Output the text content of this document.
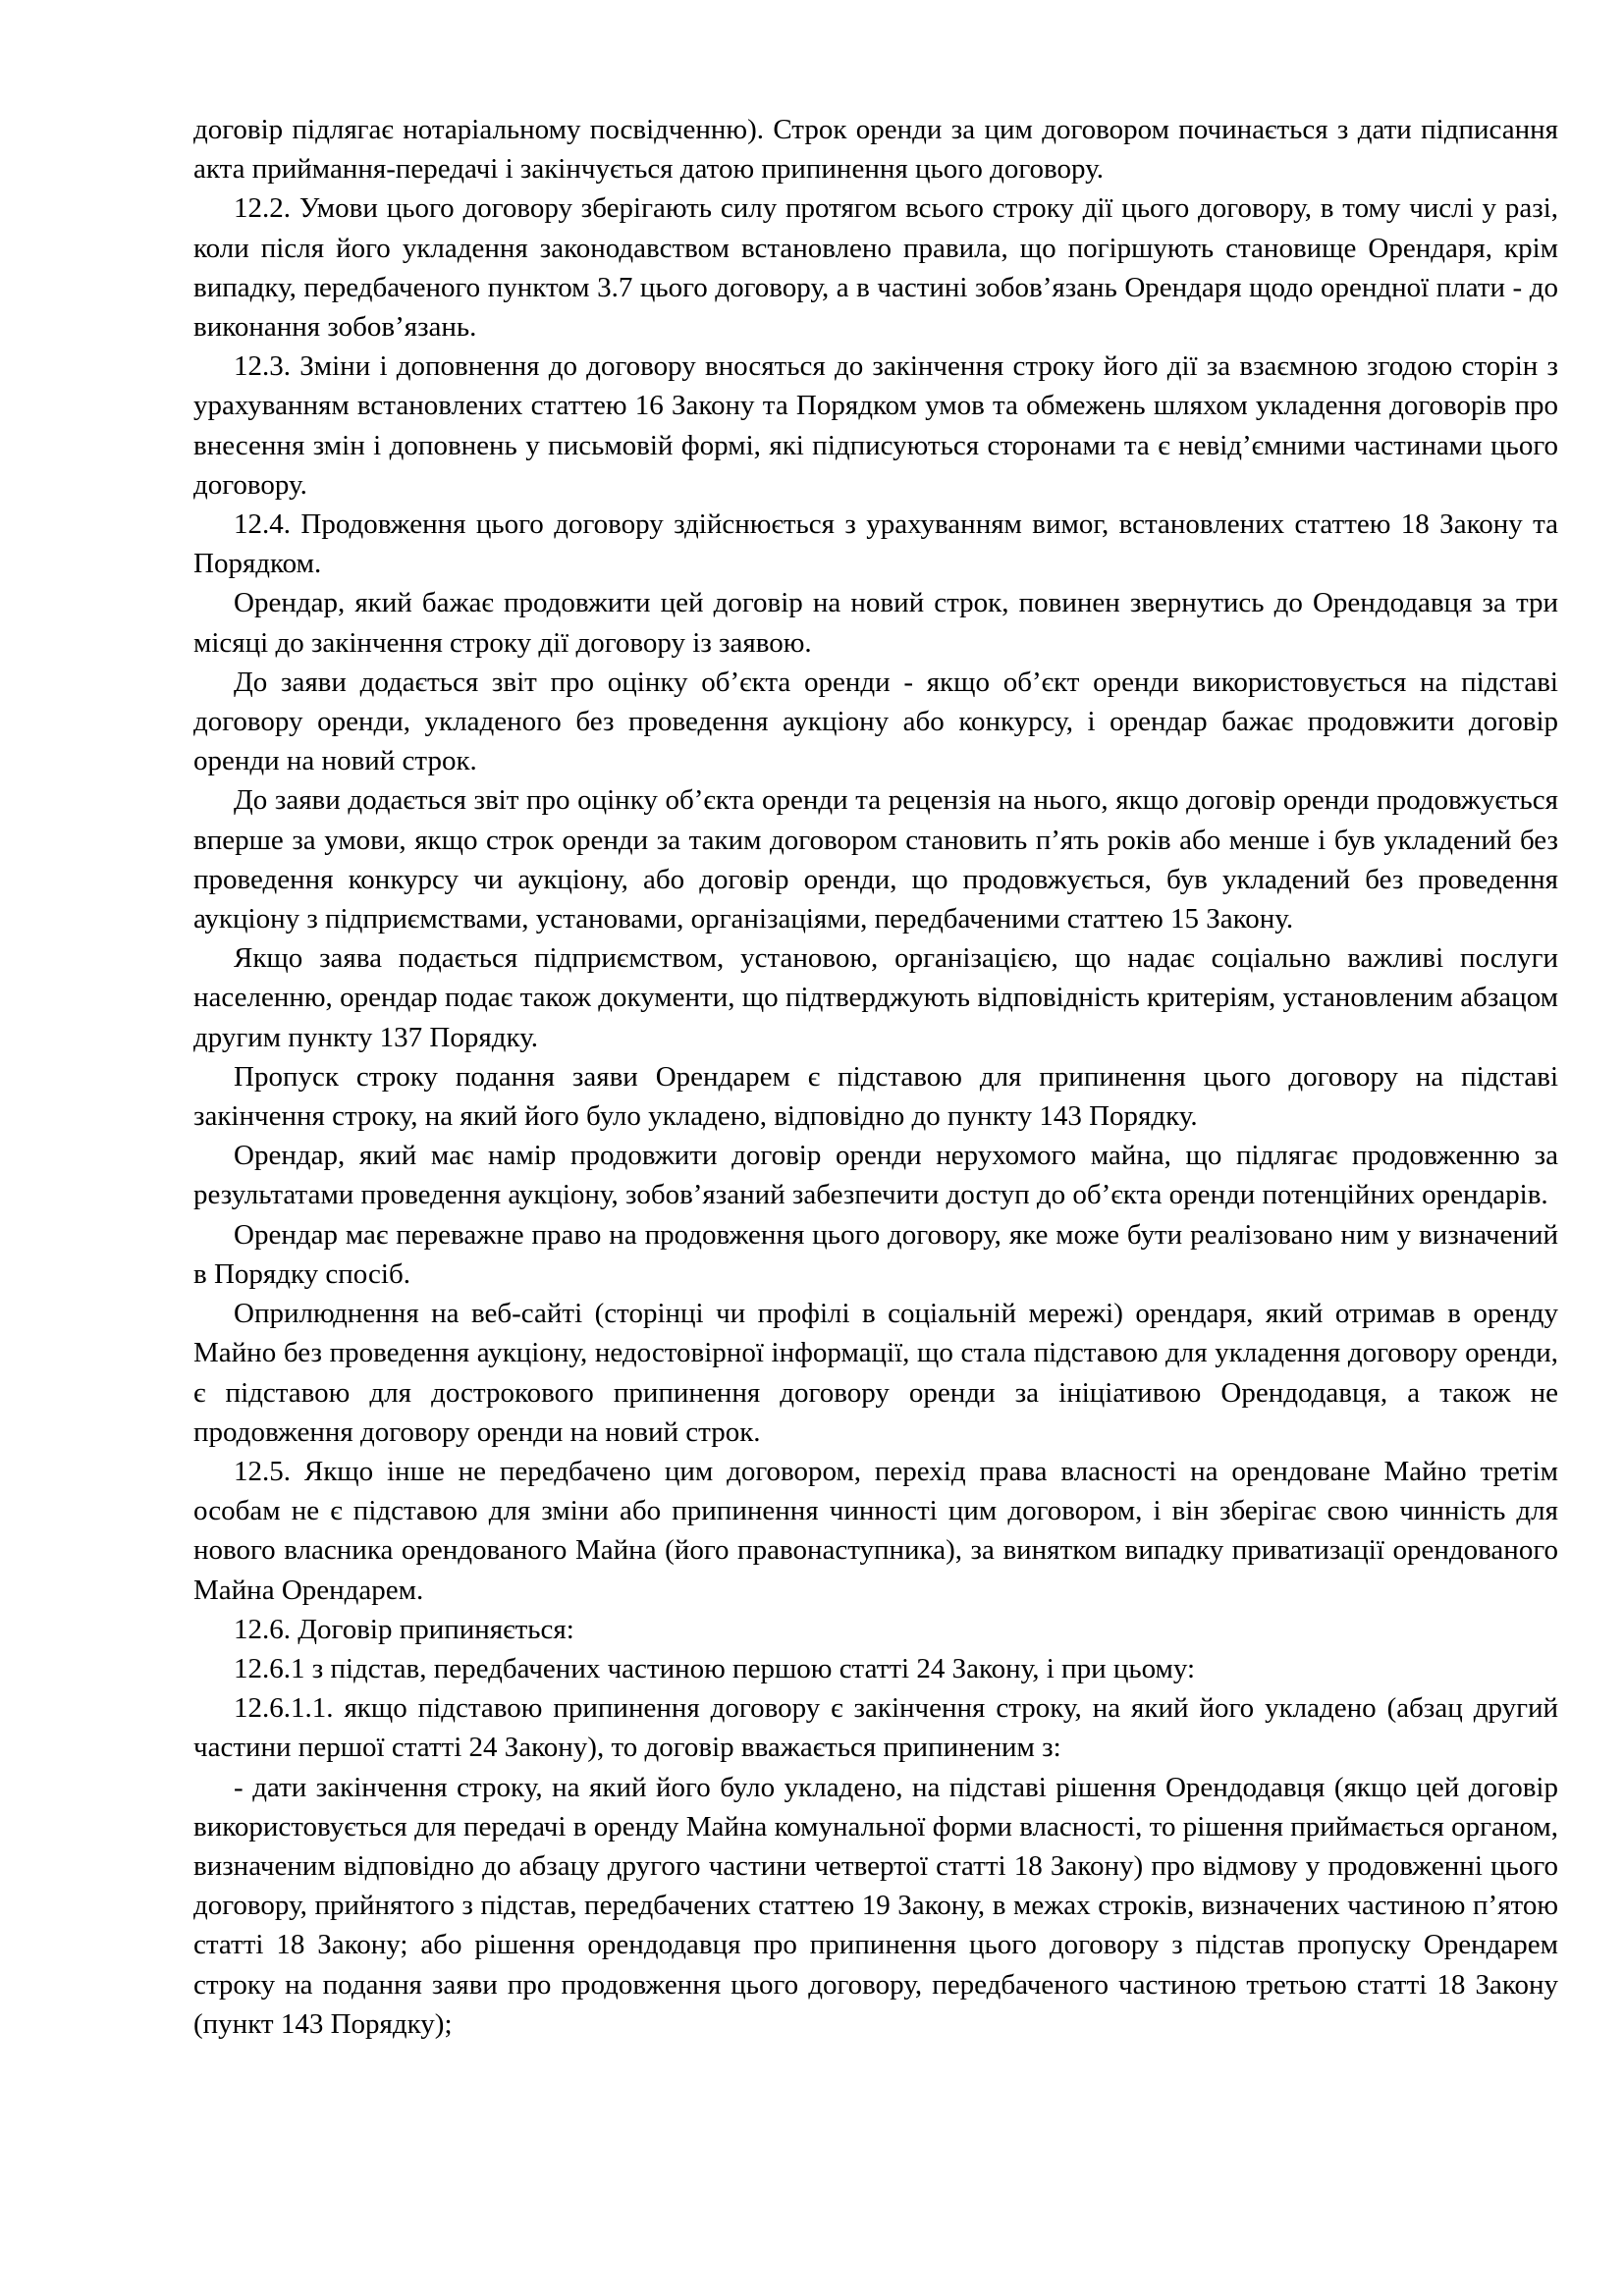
договір підлягає нотаріальному посвідченню). Строк оренди за цим договором починається з дати підписання акта приймання-передачі і закінчується датою припинення цього договору.

12.2. Умови цього договору зберігають силу протягом всього строку дії цього договору, в тому числі у разі, коли після його укладення законодавством встановлено правила, що погіршують становище Орендаря, крім випадку, передбаченого пунктом 3.7 цього договору, а в частині зобов’язань Орендаря щодо орендної плати - до виконання зобов’язань.

12.3. Зміни і доповнення до договору вносяться до закінчення строку його дії за взаємною згодою сторін з урахуванням встановлених статтею 16 Закону та Порядком умов та обмежень шляхом укладення договорів про внесення змін і доповнень у письмовій формі, які підписуються сторонами та є невід’ємними частинами цього договору.

12.4. Продовження цього договору здійснюється з урахуванням вимог, встановлених статтею 18 Закону та Порядком.

Орендар, який бажає продовжити цей договір на новий строк, повинен звернутись до Орендодавця за три місяці до закінчення строку дії договору із заявою.

До заяви додається звіт про оцінку об’єкта оренди - якщо об’єкт оренди використовується на підставі договору оренди, укладеного без проведення аукціону або конкурсу, і орендар бажає продовжити договір оренди на новий строк.

До заяви додається звіт про оцінку об’єкта оренди та рецензія на нього, якщо договір оренди продовжується вперше за умови, якщо строк оренди за таким договором становить п’ять років або менше і був укладений без проведення конкурсу чи аукціону, або договір оренди, що продовжується, був укладений без проведення аукціону з підприємствами, установами, організаціями, передбаченими статтею 15 Закону.

Якщо заява подається підприємством, установою, організацією, що надає соціально важливі послуги населенню, орендар подає також документи, що підтверджують відповідність критеріям, установленим абзацом другим пункту 137 Порядку.

Пропуск строку подання заяви Орендарем є підставою для припинення цього договору на підставі закінчення строку, на який його було укладено, відповідно до пункту 143 Порядку.

Орендар, який має намір продовжити договір оренди нерухомого майна, що підлягає продовженню за результатами проведення аукціону, зобов’язаний забезпечити доступ до об’єкта оренди потенційних орендарів.

Орендар має переважне право на продовження цього договору, яке може бути реалізовано ним у визначений в Порядку спосіб.

Оприлюднення на веб-сайті (сторінці чи профілі в соціальній мережі) орендаря, який отримав в оренду Майно без проведення аукціону, недостовірної інформації, що стала підставою для укладення договору оренди, є підставою для дострокового припинення договору оренди за ініціативою Орендодавця, а також не продовження договору оренди на новий строк.

12.5. Якщо інше не передбачено цим договором, перехід права власності на орендоване Майно третім особам не є підставою для зміни або припинення чинності цим договором, і він зберігає свою чинність для нового власника орендованого Майна (його правонаступника), за винятком випадку приватизації орендованого Майна Орендарем.

12.6. Договір припиняється:

12.6.1 з підстав, передбачених частиною першою статті 24 Закону, і при цьому:

12.6.1.1. якщо підставою припинення договору є закінчення строку, на який його укладено (абзац другий частини першої статті 24 Закону), то договір вважається припиненим з:

- дати закінчення строку, на який його було укладено, на підставі рішення Орендодавця (якщо цей договір використовується для передачі в оренду Майна комунальної форми власності, то рішення приймається органом, визначеним відповідно до абзацу другого частини четвертої статті 18 Закону) про відмову у продовженні цього договору, прийнятого з підстав, передбачених статтею 19 Закону, в межах строків, визначених частиною п’ятою статті 18 Закону; або рішення орендодавця про припинення цього договору з підстав пропуску Орендарем строку на подання заяви про продовження цього договору, передбаченого частиною третьою статті 18 Закону (пункт 143 Порядку);
